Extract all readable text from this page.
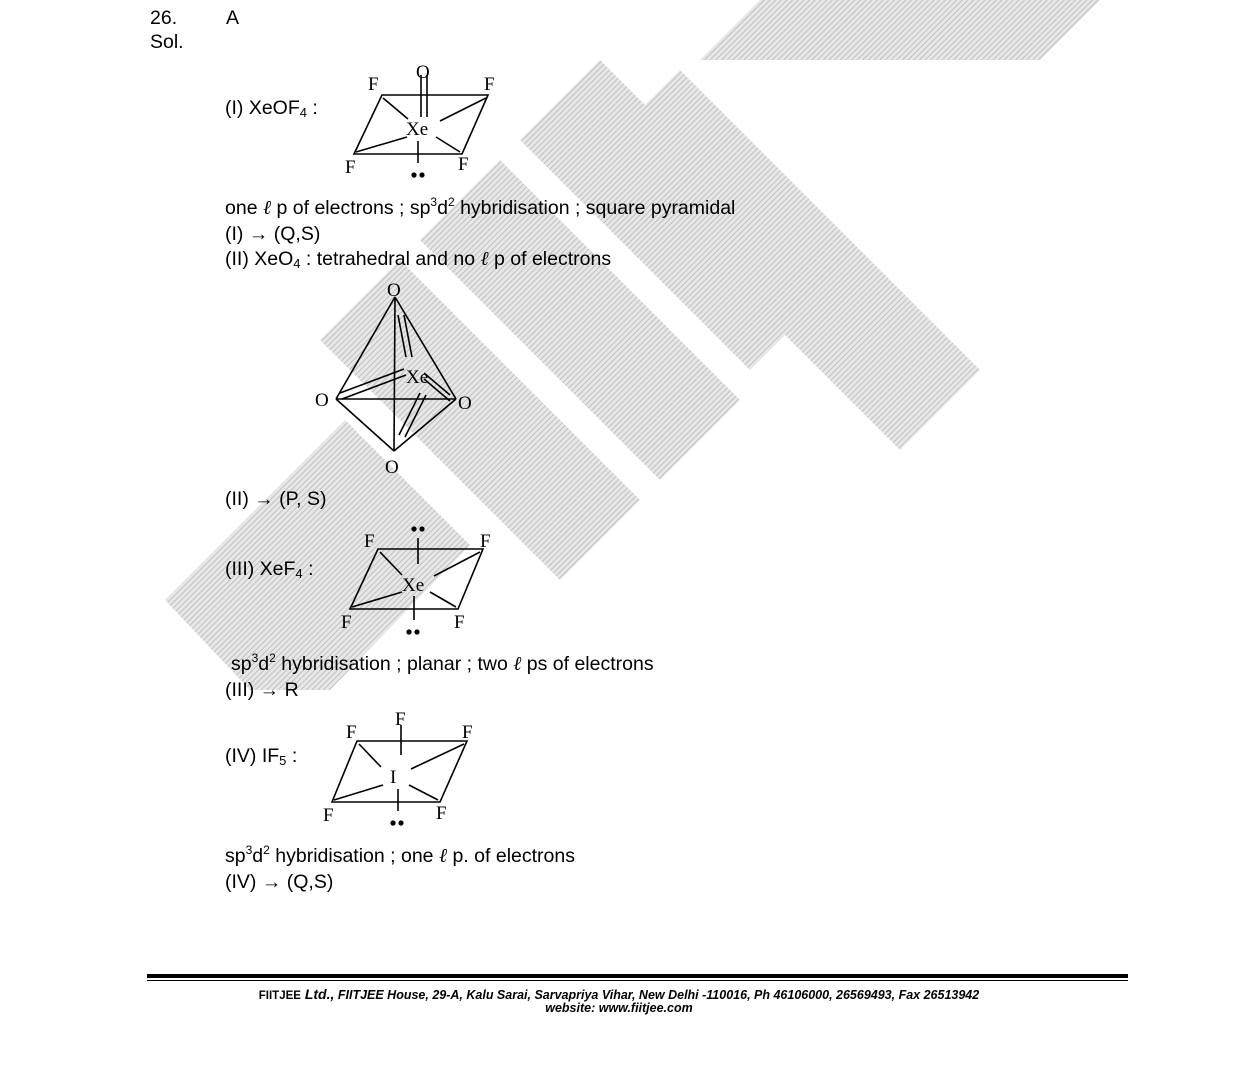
26.	A
Sol.
(I) XeOF$_4$ :
O
F	F
Xe
F	F
one ℓ p of electrons ; $sp^3d^2$ hybridisation ; square pyramidal
(I) → (Q,S)
(II) XeO$_4$ : tetrahedral and no ℓ p of electrons
O
Xe
O	O
O
(II) → (P, S)
(III) XeF$_4$ :
F	F
Xe
F	F
$sp^3d^2$ hybridisation ; planar ; two ℓ ps of electrons
(III) → R
(IV) $IF_5$ :
F
F	F
I
F	F
$sp^3d^2$ hybridisation ; one ℓ p. of electrons
(IV) → (Q,S)
FIITJEE Ltd., FIITJEE House, 29-A, Kalu Sarai, Sarvapriya Vihar, New Delhi -110016, Ph 46106000, 26569493, Fax 26513942
website: www.fiitjee.com
